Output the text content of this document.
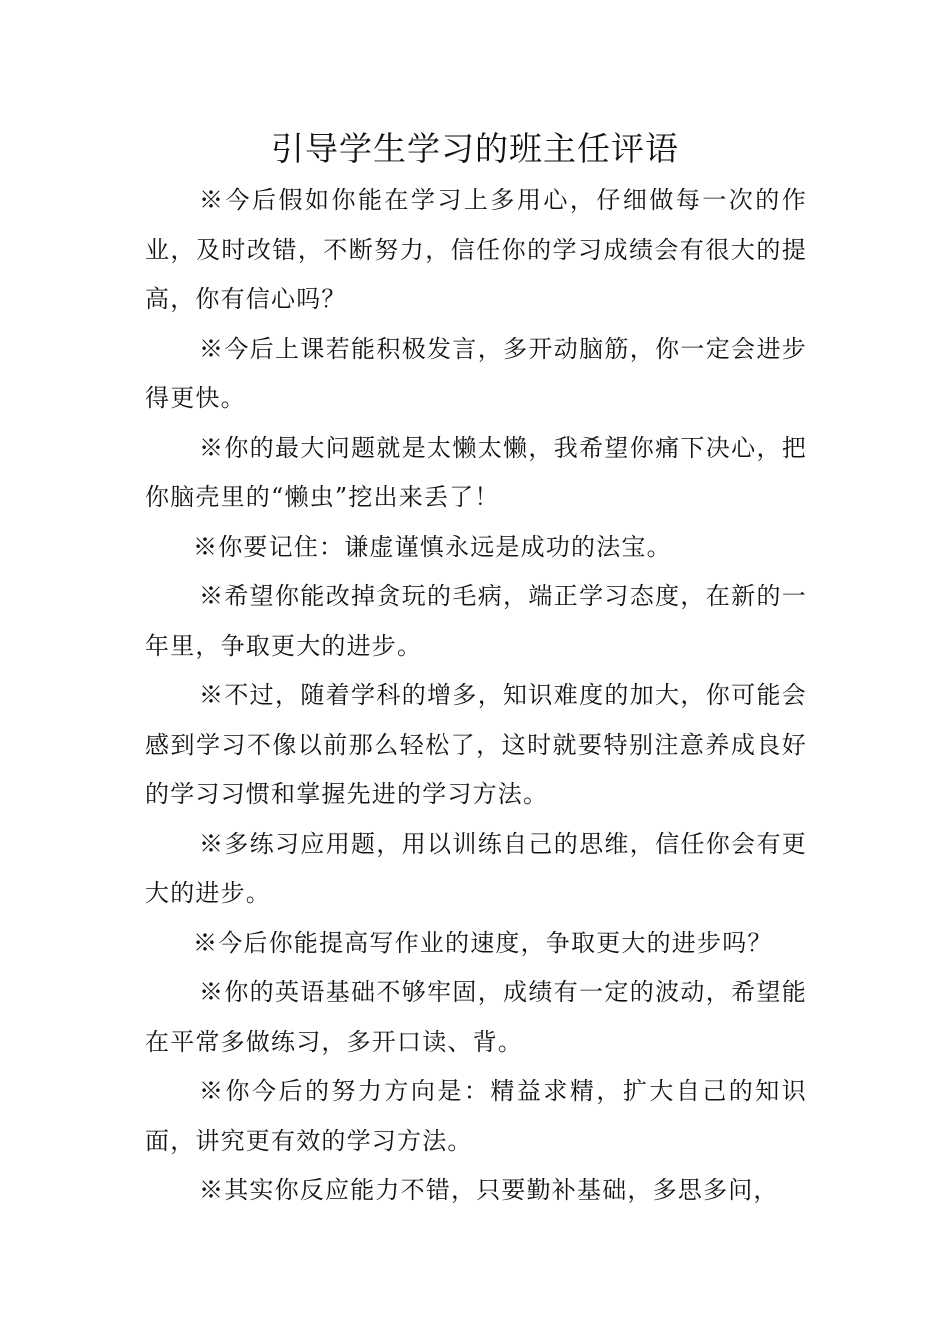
引导学生学习的班主任评语

※今后假如你能在学习上多用心，仔细做每一次的作业，及时改错，不断努力，信任你的学习成绩会有很大的提高，你有信心吗？

※今后上课若能积极发言，多开动脑筋，你一定会进步得更快。

※你的最大问题就是太懒太懒，我希望你痛下决心，把你脑壳里的“懒虫”挖出来丢了！

※你要记住：谦虚谨慎永远是成功的法宝。

※希望你能改掉贪玩的毛病，端正学习态度，在新的一年里，争取更大的进步。

※不过，随着学科的增多，知识难度的加大，你可能会感到学习不像以前那么轻松了，这时就要特别注意养成良好的学习习惯和掌握先进的学习方法。

※多练习应用题，用以训练自己的思维，信任你会有更大的进步。

※今后你能提高写作业的速度，争取更大的进步吗？

※你的英语基础不够牢固，成绩有一定的波动，希望能在平常多做练习，多开口读、背。

※你今后的努力方向是：精益求精，扩大自己的知识面，讲究更有效的学习方法。

※其实你反应能力不错，只要勤补基础，多思多问，
